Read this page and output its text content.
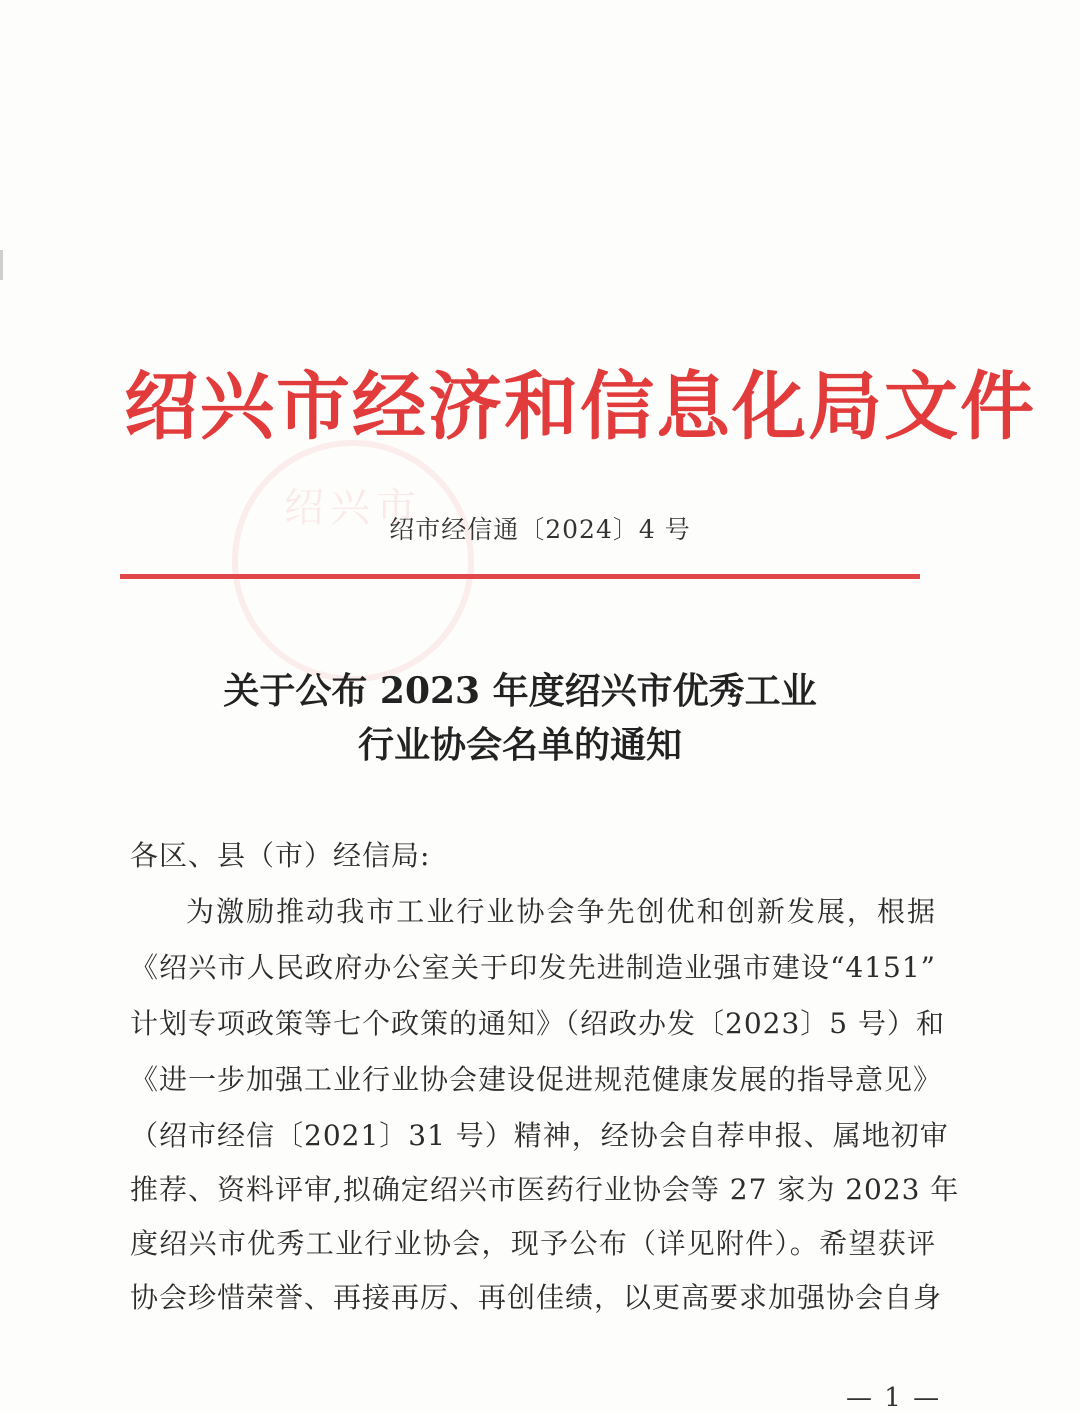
绍兴市
绍兴市经济和信息化局文件
绍市经信通〔2024〕4 号
关于公布 2023 年度绍兴市优秀工业
行业协会名单的通知
各区、县（市）经信局:
为激励推动我市工业行业协会争先创优和创新发展，根据
《绍兴市人民政府办公室关于印发先进制造业强市建设“4151”
计划专项政策等七个政策的通知》（绍政办发〔2023〕5 号）和
《进一步加强工业行业协会建设促进规范健康发展的指导意见》
（绍市经信〔2021〕31 号）精神，经协会自荐申报、属地初审
推荐、资料评审,拟确定绍兴市医药行业协会等 27 家为 2023 年
度绍兴市优秀工业行业协会，现予公布（详见附件）。希望获评
协会珍惜荣誉、再接再厉、再创佳绩，以更高要求加强协会自身
— 1 —
